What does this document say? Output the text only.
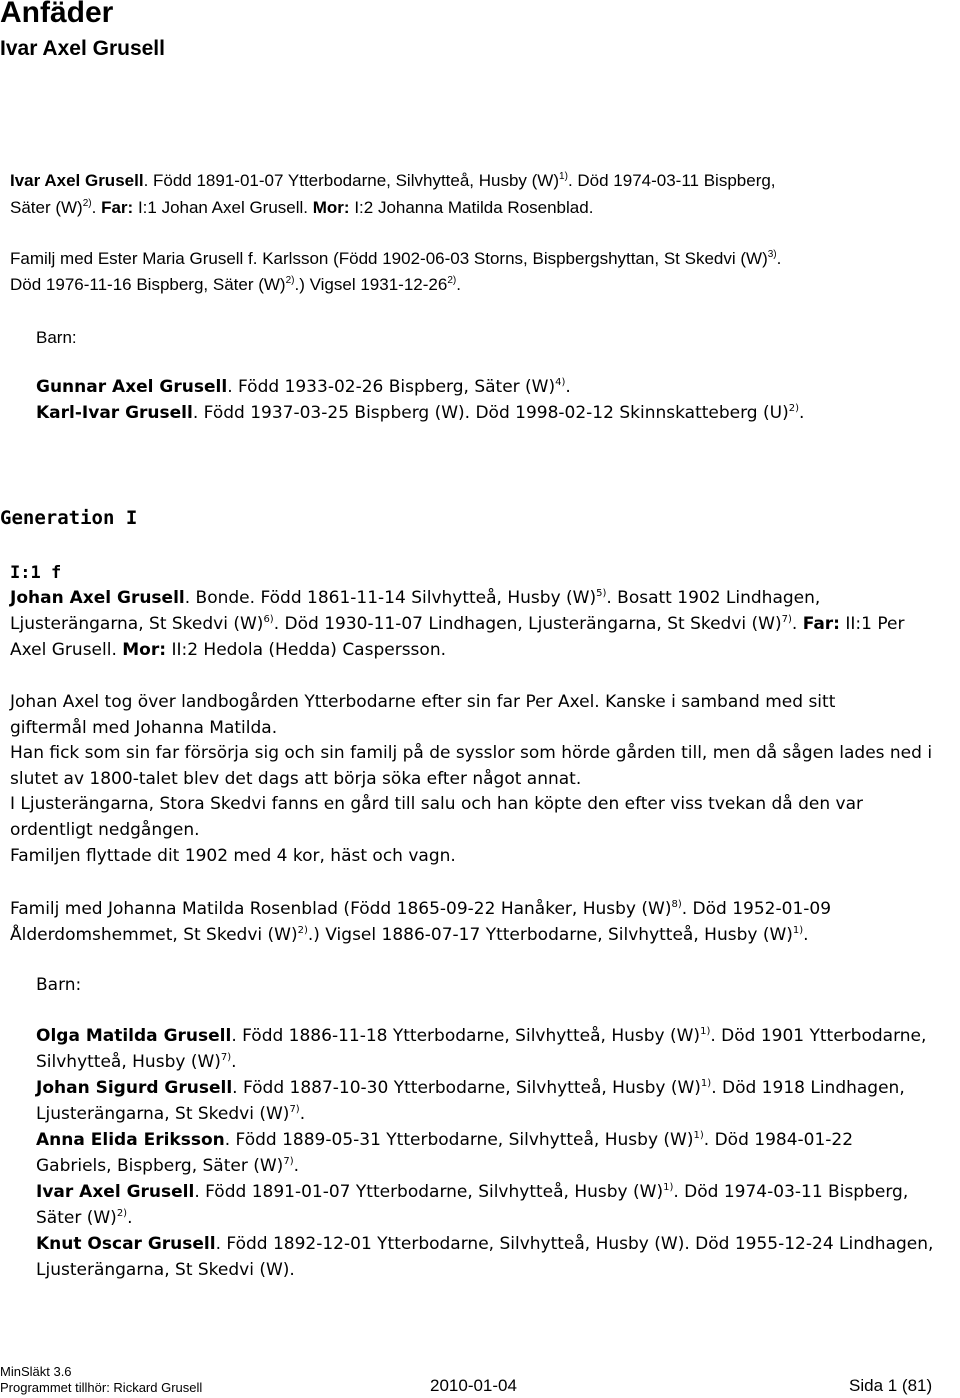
Anfäder
Ivar Axel Grusell
Ivar Axel Grusell. Född 1891-01-07 Ytterbodarne, Silvhytteå, Husby $(W)^{1)}$. Död 1974-03-11 Bispberg,
Säter $(W)^{2)}$. Far: I:1 Johan Axel Grusell. Mor: I:2 Johanna Matilda Rosenblad.
Familj med Ester Maria Grusell f. Karlsson (Född 1902-06-03 Storns, Bispbergshyttan, St Skedvi $(W)^{3)}$.
Död 1976-11-16 Bispberg, Säter $(W)^{2)}$.) Vigsel 1931-12-26$^{2)}$.
Barn:
Gunnar Axel Grusell. Född 1933-02-26 Bispberg, Säter $(W)^{4)}$.
Karl-Ivar Grusell. Född 1937-03-25 Bispberg (W). Död 1998-02-12 Skinnskatteberg $(U)^{2)}$.
Generation I
I:1 f
Johan Axel Grusell. Bonde. Född 1861-11-14 Silvhytteå, Husby $(W)^{5)}$. Bosatt 1902 Lindhagen,
Ljusterängarna, St Skedvi $(W)^{6)}$. Död 1930-11-07 Lindhagen, Ljusterängarna, St Skedvi $(W)^{7)}$. Far: II:1 Per
Axel Grusell. Mor: II:2 Hedola (Hedda) Caspersson.
Johan Axel tog över landbogården Ytterbodarne efter sin far Per Axel. Kanske i samband med sitt
giftermål med Johanna Matilda.
Han fick som sin far försörja sig och sin familj på de sysslor som hörde gården till, men då sågen lades ned i
slutet av 1800-talet blev det dags att börja söka efter något annat.
I Ljusterängarna, Stora Skedvi fanns en gård till salu och han köpte den efter viss tvekan då den var
ordentligt nedgången.
Familjen flyttade dit 1902 med 4 kor, häst och vagn.
Familj med Johanna Matilda Rosenblad (Född 1865-09-22 Hanåker, Husby $(W)^{8)}$. Död 1952-01-09
Ålderdomshemmet, St Skedvi $(W)^{2)}$.) Vigsel 1886-07-17 Ytterbodarne, Silvhytteå, Husby $(W)^{1)}$.
Barn:
Olga Matilda Grusell. Född 1886-11-18 Ytterbodarne, Silvhytteå, Husby $(W)^{1)}$. Död 1901 Ytterbodarne,
Silvhytteå, Husby $(W)^{7)}$.
Johan Sigurd Grusell. Född 1887-10-30 Ytterbodarne, Silvhytteå, Husby $(W)^{1)}$. Död 1918 Lindhagen,
Ljusterängarna, St Skedvi $(W)^{7)}$.
Anna Elida Eriksson. Född 1889-05-31 Ytterbodarne, Silvhytteå, Husby $(W)^{1)}$. Död 1984-01-22
Gabriels, Bispberg, Säter $(W)^{7)}$.
Ivar Axel Grusell. Född 1891-01-07 Ytterbodarne, Silvhytteå, Husby $(W)^{1)}$. Död 1974-03-11 Bispberg,
Säter $(W)^{2)}$.
Knut Oscar Grusell. Född 1892-12-01 Ytterbodarne, Silvhytteå, Husby (W). Död 1955-12-24 Lindhagen,
Ljusterängarna, St Skedvi (W).
MinSläkt 3.6
Programmet tillhör: Rickard Grusell	2010-01-04	Sida 1 (81)
